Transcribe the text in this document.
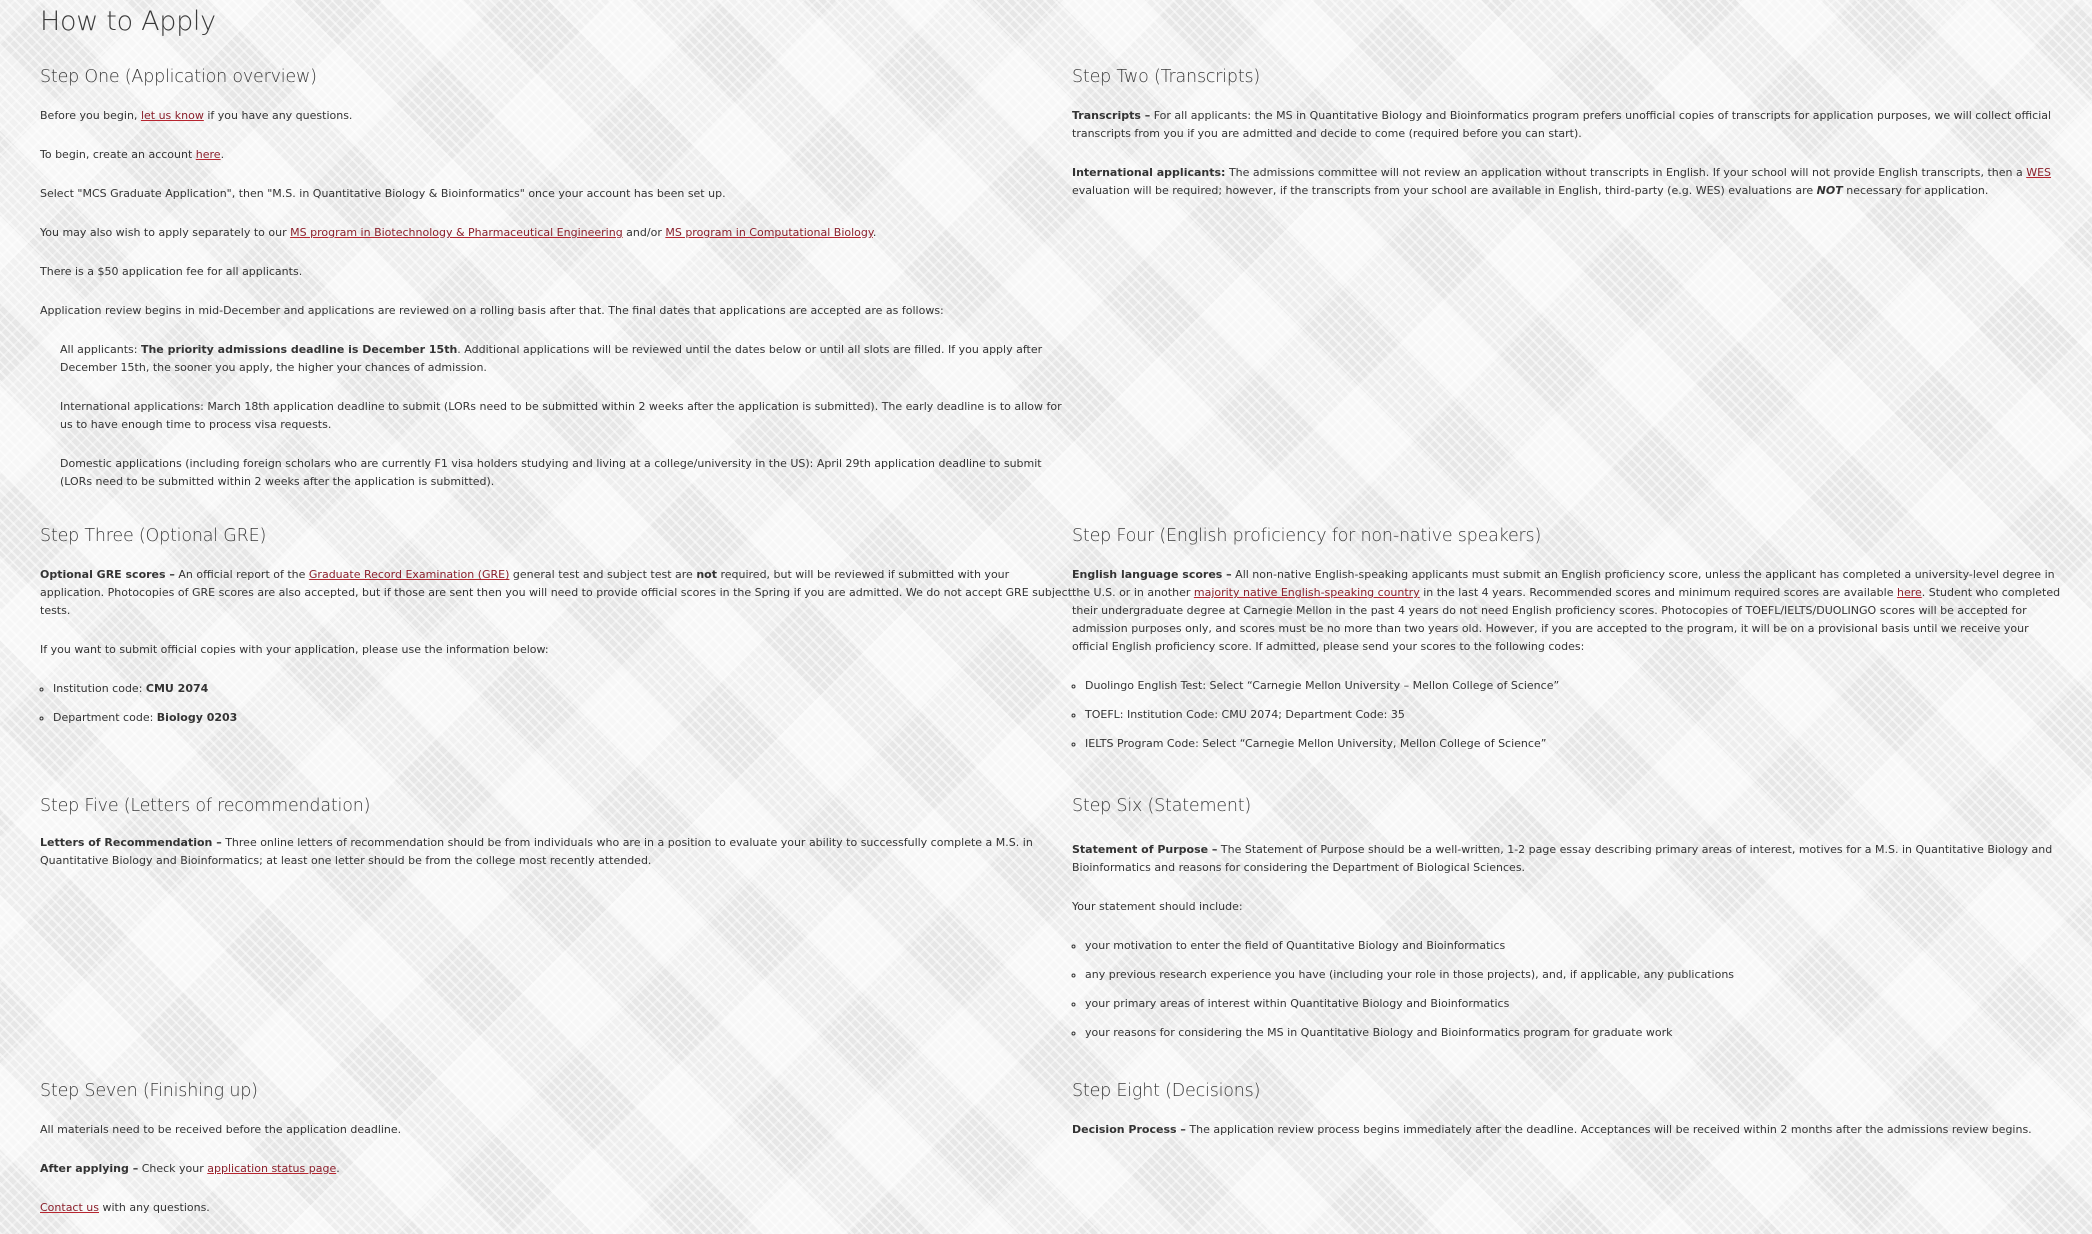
How to Apply
Step One (Application overview)

Before you begin, let us know if you have any questions.

To begin, create an account here.

Select "MCS Graduate Application", then "M.S. in Quantitative Biology & Bioinformatics" once your account has been set up.

You may also wish to apply separately to our MS program in Biotechnology & Pharmaceutical Engineering and/or MS program in Computational Biology.

There is a $50 application fee for all applicants.

Application review begins in mid-December and applications are reviewed on a rolling basis after that. The final dates that applications are accepted are as follows:

All applicants: The priority admissions deadline is December 15th. Additional applications will be reviewed until the dates below or until all slots are filled. If you apply after December 15th, the sooner you apply, the higher your chances of admission.

International applications: March 18th application deadline to submit (LORs need to be submitted within 2 weeks after the application is submitted). The early deadline is to allow for us to have enough time to process visa requests.

Domestic applications (including foreign scholars who are currently F1 visa holders studying and living at a college/university in the US): April 29th application deadline to submit (LORs need to be submitted within 2 weeks after the application is submitted).

Step Two (Transcripts)

Transcripts – For all applicants: the MS in Quantitative Biology and Bioinformatics program prefers unofficial copies of transcripts for application purposes, we will collect official transcripts from you if you are admitted and decide to come (required before you can start).

International applicants: The admissions committee will not review an application without transcripts in English. If your school will not provide English transcripts, then a WES evaluation will be required; however, if the transcripts from your school are available in English, third-party (e.g. WES) evaluations are NOT necessary for application.

Step Three (Optional GRE)

Optional GRE scores – An official report of the Graduate Record Examination (GRE) general test and subject test are not required, but will be reviewed if submitted with your application. Photocopies of GRE scores are also accepted, but if those are sent then you will need to provide official scores in the Spring if you are admitted. We do not accept GRE subject tests.

If you want to submit official copies with your application, please use the information below:

◦ Institution code: CMU 2074
◦ Department code: Biology 0203
Step Four (English proficiency for non-native speakers)

English language scores – All non-native English-speaking applicants must submit an English proficiency score, unless the applicant has completed a university-level degree in the U.S. or in another majority native English-speaking country in the last 4 years. Recommended scores and minimum required scores are available here. Student who completed their undergraduate degree at Carnegie Mellon in the past 4 years do not need English proficiency scores. Photocopies of TOEFL/IELTS/DUOLINGO scores will be accepted for admission purposes only, and scores must be no more than two years old. However, if you are accepted to the program, it will be on a provisional basis until we receive your official English proficiency score. If admitted, please send your scores to the following codes:

◦ Duolingo English Test: Select “Carnegie Mellon University – Mellon College of Science”
◦ TOEFL: Institution Code: CMU 2074; Department Code: 35
◦ IELTS Program Code: Select “Carnegie Mellon University, Mellon College of Science”
Step Five (Letters of recommendation)

Letters of Recommendation – Three online letters of recommendation should be from individuals who are in a position to evaluate your ability to successfully complete a M.S. in Quantitative Biology and Bioinformatics; at least one letter should be from the college most recently attended.

Step Six (Statement)

Statement of Purpose – The Statement of Purpose should be a well-written, 1-2 page essay describing primary areas of interest, motives for a M.S. in Quantitative Biology and Bioinformatics and reasons for considering the Department of Biological Sciences.

Your statement should include:

◦ your motivation to enter the field of Quantitative Biology and Bioinformatics
◦ any previous research experience you have (including your role in those projects), and, if applicable, any publications
◦ your primary areas of interest within Quantitative Biology and Bioinformatics
◦ your reasons for considering the MS in Quantitative Biology and Bioinformatics program for graduate work
Step Seven (Finishing up)

All materials need to be received before the application deadline.

After applying – Check your application status page.

Contact us with any questions.

Step Eight (Decisions)

Decision Process – The application review process begins immediately after the deadline. Acceptances will be received within 2 months after the admissions review begins.
